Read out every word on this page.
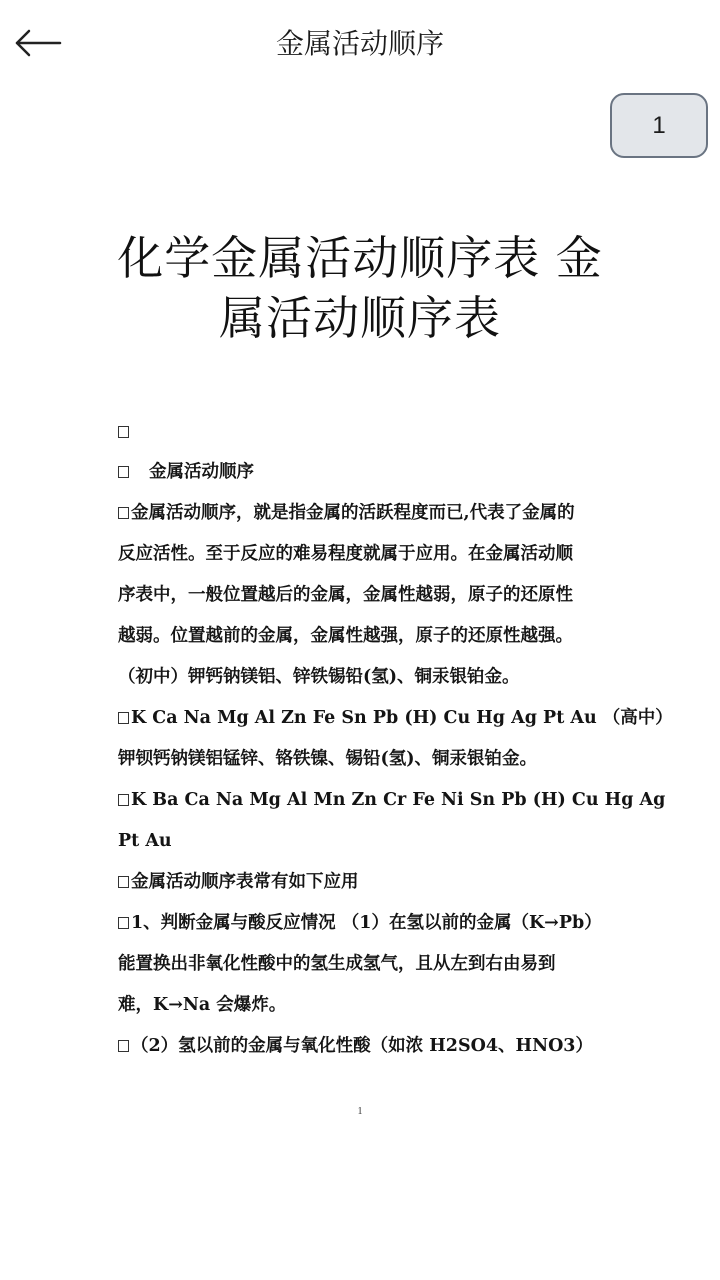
金属活动顺序
1
化学金属活动顺序表 金
属活动顺序表
金属活动顺序
金属活动顺序，就是指金属的活跃程度而已,代表了金属的
反应活性。至于反应的难易程度就属于应用。在金属活动顺
序表中，一般位置越后的金属，金属性越弱，原子的还原性
越弱。位置越前的金属，金属性越强，原子的还原性越强。
（初中）钾钙钠镁铝、锌铁锡铅(氢)、铜汞银铂金。
K Ca Na Mg Al Zn Fe Sn Pb (H) Cu Hg Ag Pt Au （高中）
钾钡钙钠镁铝锰锌、铬铁镍、锡铅(氢)、铜汞银铂金。
K Ba Ca Na Mg Al Mn Zn Cr Fe Ni Sn Pb (H) Cu Hg Ag
Pt Au
金属活动顺序表常有如下应用
1、判断金属与酸反应情况 （1）在氢以前的金属（K→Pb）
能置换出非氧化性酸中的氢生成氢气，且从左到右由易到
难，K→Na 会爆炸。
（2）氢以前的金属与氧化性酸（如浓 H2SO4、HNO3）
1
